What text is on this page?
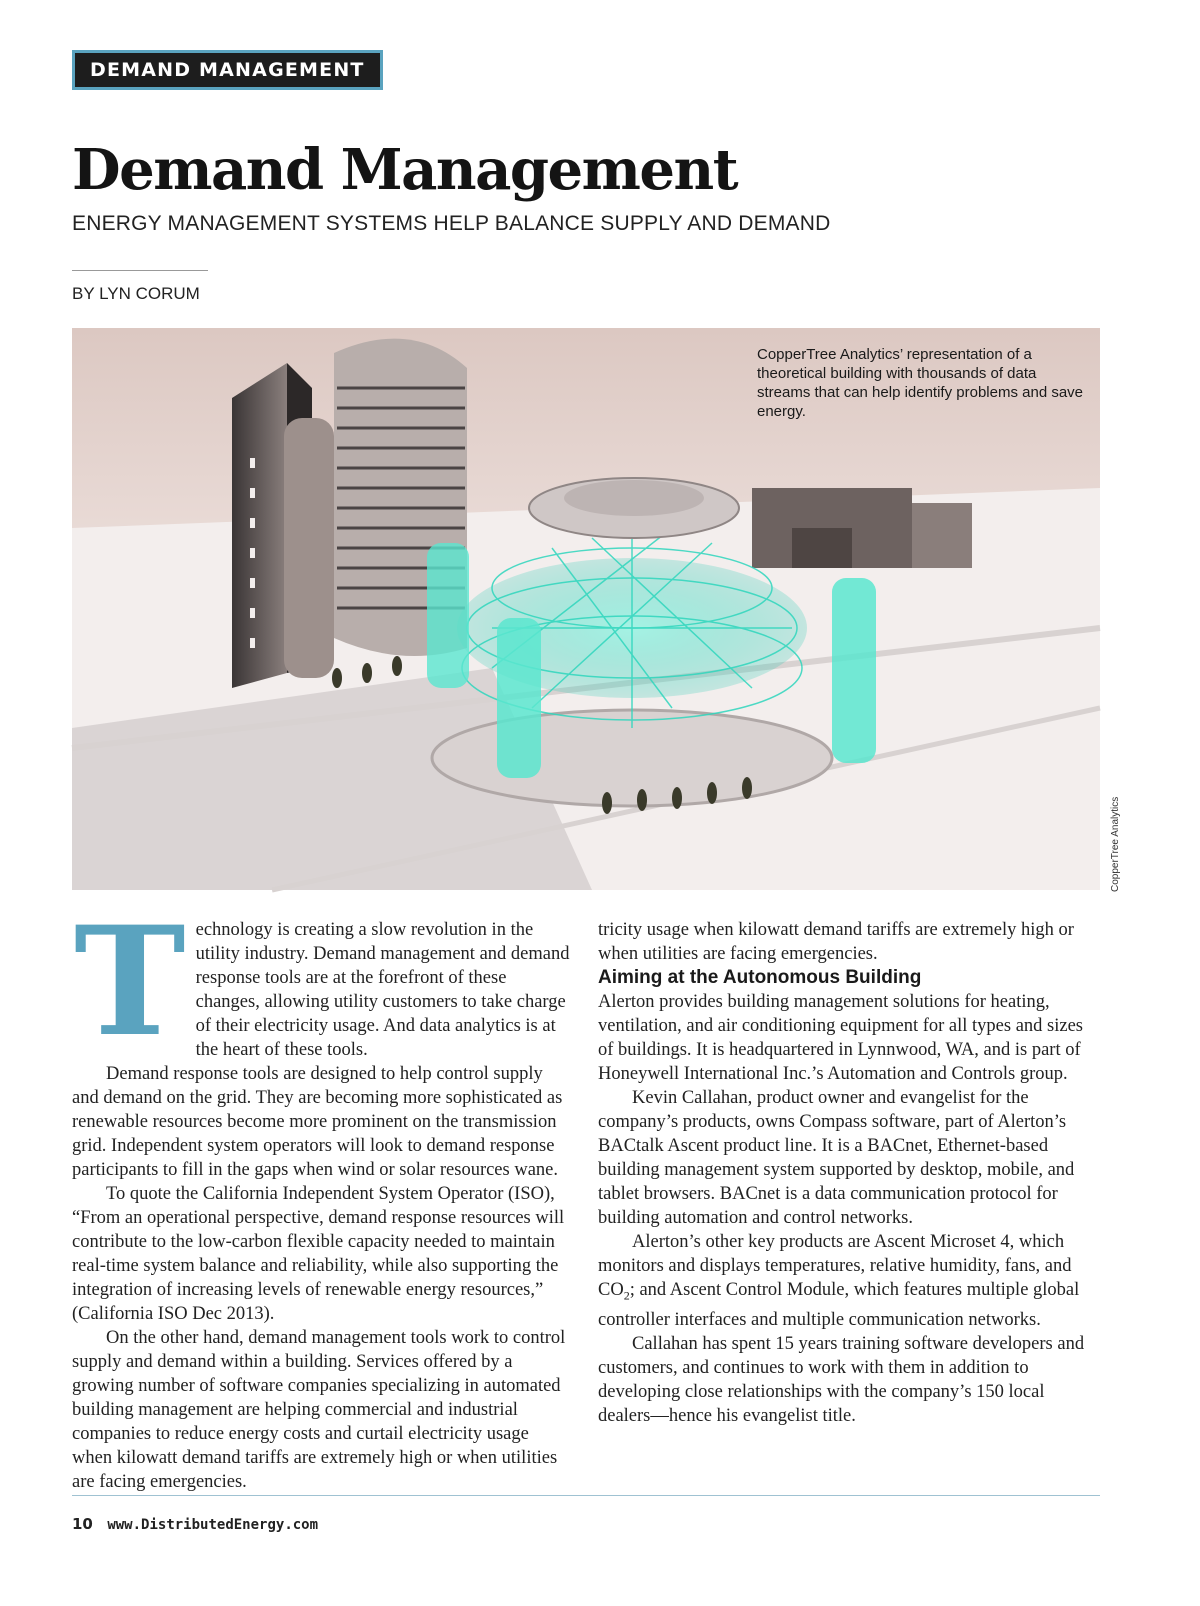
DEMAND MANAGEMENT
Demand Management
ENERGY MANAGEMENT SYSTEMS HELP BALANCE SUPPLY AND DEMAND
BY LYN CORUM
CopperTree Analytics’ representation of a theoretical building with thousands of data streams that can help identify problems and save energy.
CopperTree Analytics
T echnology is creating a slow revolution in the utility industry. Demand management and demand response tools are at the forefront of these changes, allowing utility customers to take charge of their electricity usage. And data analytics is at the heart of these tools.

Demand response tools are designed to help control supply and demand on the grid. They are becoming more sophisticated as renewable resources become more prominent on the transmission grid. Independent system operators will look to demand response participants to fill in the gaps when wind or solar resources wane.

To quote the California Independent System Operator (ISO), “From an operational perspective, demand response resources will contribute to the low-carbon flexible capacity needed to maintain real-time system balance and reliability, while also supporting the integration of increasing levels of renewable energy resources,” (California ISO Dec 2013).

On the other hand, demand management tools work to control supply and demand within a building. Services offered by a growing number of software companies specializing in automated building management are helping commercial and industrial companies to reduce energy costs and curtail electricity usage when kilowatt demand tariffs are extremely high or when utilities are facing emergencies.

tricity usage when kilowatt demand tariffs are extremely high or when utilities are facing emergencies.

Aiming at the Autonomous Building

Alerton provides building management solutions for heating, ventilation, and air conditioning equipment for all types and sizes of buildings. It is headquartered in Lynnwood, WA, and is part of Honeywell International Inc.’s Automation and Controls group.

Kevin Callahan, product owner and evangelist for the company’s products, owns Compass software, part of Alerton’s BACtalk Ascent product line. It is a BACnet, Ethernet-based building management system supported by desktop, mobile, and tablet browsers. BACnet is a data communication protocol for building automation and control networks.

Alerton’s other key products are Ascent Microset 4, which monitors and displays temperatures, relative humidity, fans, and $CO_2$; and Ascent Control Module, which features multiple global controller interfaces and multiple communication networks.

Callahan has spent 15 years training software developers and customers, and continues to work with them in addition to developing close relationships with the company’s 150 local dealers—hence his evangelist title.

10 www.DistributedEnergy.com
